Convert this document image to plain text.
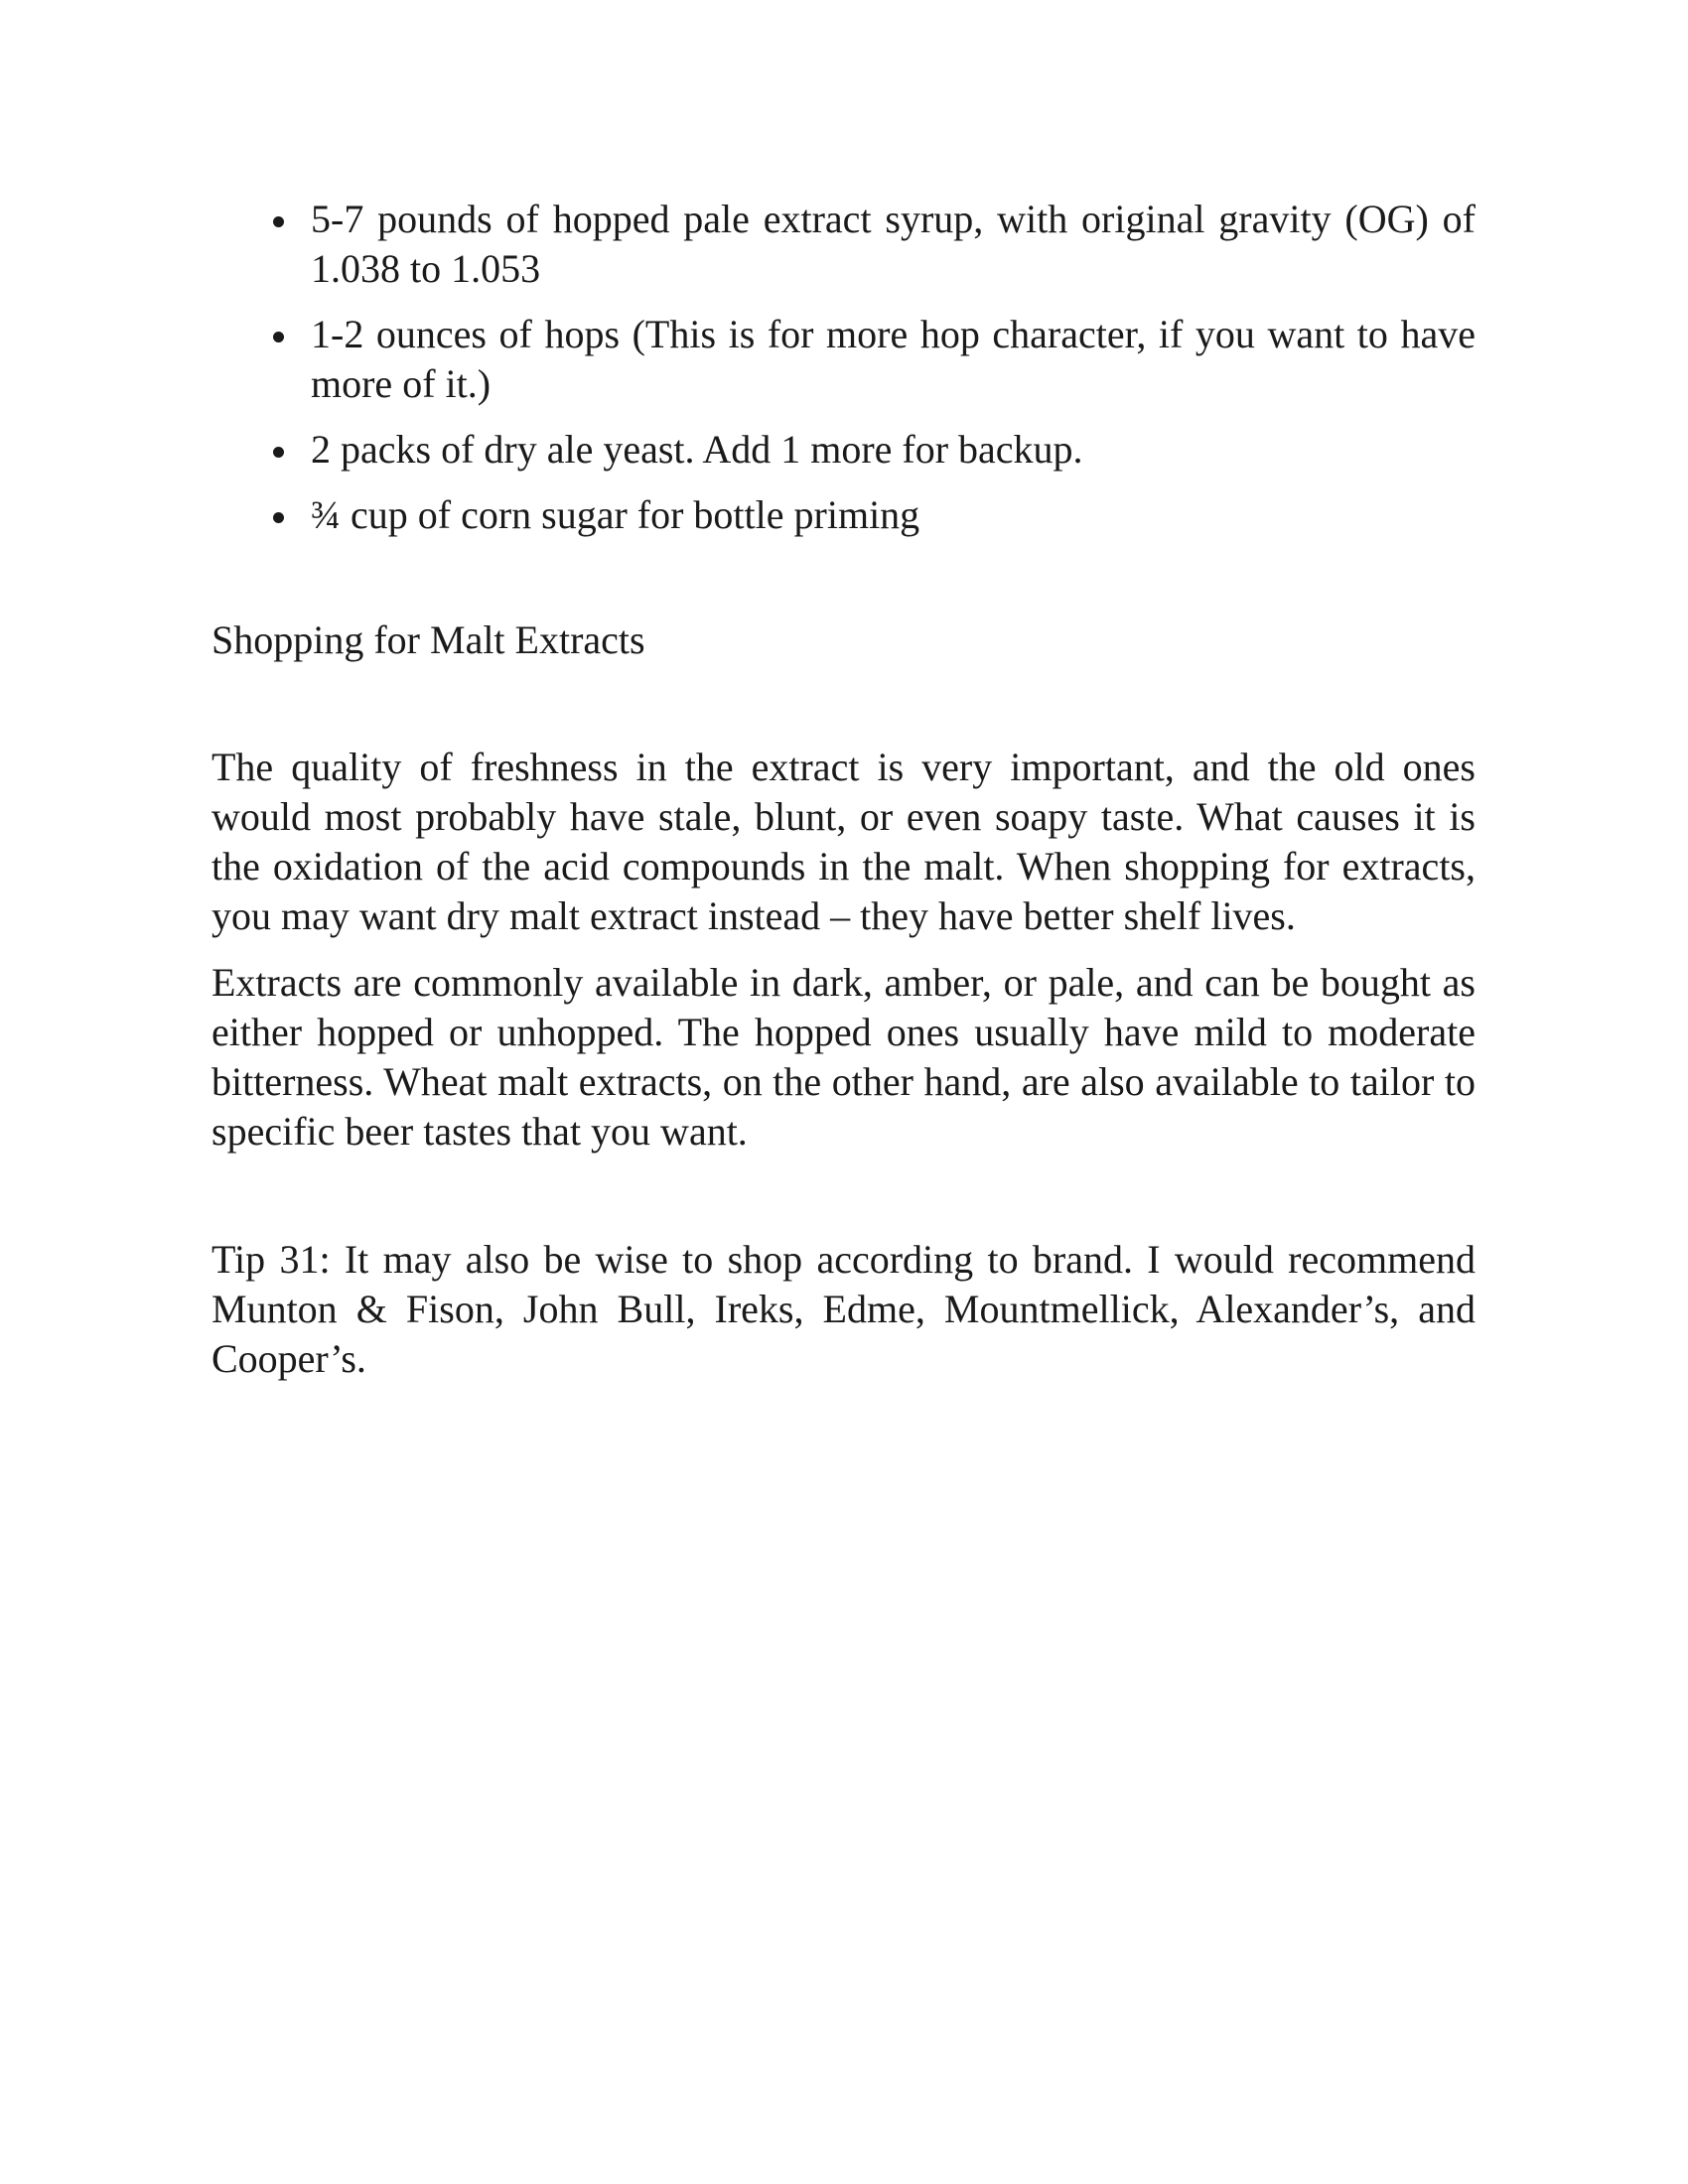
5-7 pounds of hopped pale extract syrup, with original gravity (OG) of 1.038 to 1.053
1-2 ounces of hops (This is for more hop character, if you want to have more of it.)
2 packs of dry ale yeast. Add 1 more for backup.
¾ cup of corn sugar for bottle priming
Shopping for Malt Extracts

The quality of freshness in the extract is very important, and the old ones would most probably have stale, blunt, or even soapy taste. What causes it is the oxidation of the acid compounds in the malt. When shopping for extracts, you may want dry malt extract instead – they have better shelf lives.

Extracts are commonly available in dark, amber, or pale, and can be bought as either hopped or unhopped. The hopped ones usually have mild to moderate bitterness. Wheat malt extracts, on the other hand, are also available to tailor to specific beer tastes that you want.

Tip 31: It may also be wise to shop according to brand. I would recommend Munton & Fison, John Bull, Ireks, Edme, Mountmellick, Alexander’s, and Cooper’s.
